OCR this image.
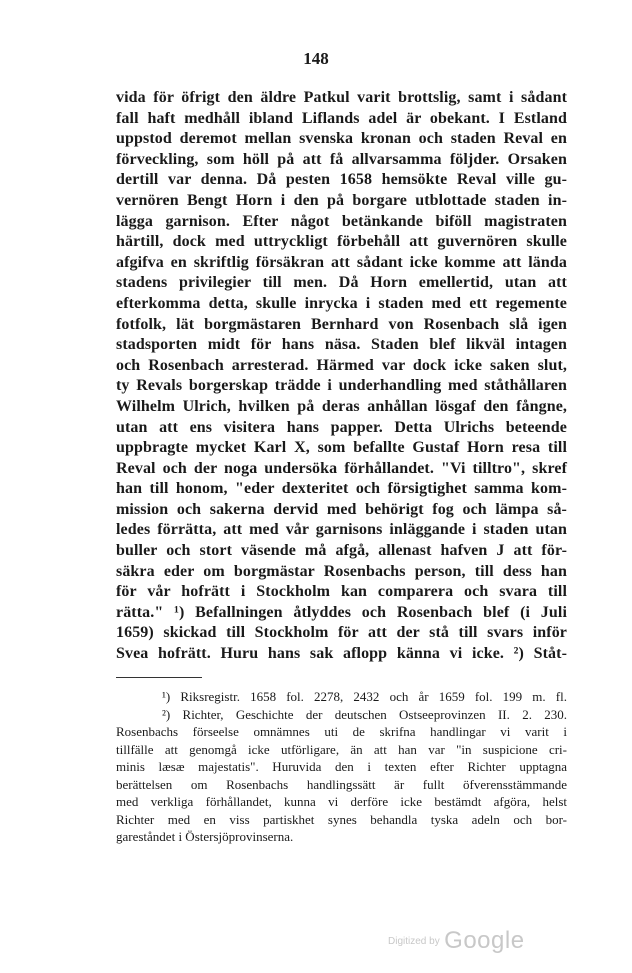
148
vida för öfrigt den äldre Patkul varit brottslig, samt i sådant
fall haft medhåll ibland Liflands adel är obekant. I Estland
uppstod deremot mellan svenska kronan och staden Reval en
förveckling, som höll på att få allvarsamma följder. Orsaken
dertill var denna. Då pesten 1658 hemsökte Reval ville gu-
vernören Bengt Horn i den på borgare utblottade staden in-
lägga garnison. Efter något betänkande biföll magistraten
härtill, dock med uttryckligt förbehåll att guvernören skulle
afgifva en skriftlig försäkran att sådant icke komme att lända
stadens privilegier till men. Då Horn emellertid, utan att
efterkomma detta, skulle inrycka i staden med ett regemente
fotfolk, lät borgmästaren Bernhard von Rosenbach slå igen
stadsporten midt för hans näsa. Staden blef likväl intagen
och Rosenbach arresterad. Härmed var dock icke saken slut,
ty Revals borgerskap trädde i underhandling med ståthållaren
Wilhelm Ulrich, hvilken på deras anhållan lösgaf den fångne,
utan att ens visitera hans papper. Detta Ulrichs beteende
uppbragte mycket Karl X, som befallte Gustaf Horn resa till
Reval och der noga undersöka förhållandet. "Vi tilltro", skref
han till honom, "eder dexteritet och försigtighet samma kom-
mission och sakerna dervid med behörigt fog och lämpa så-
ledes förrätta, att med vår garnisons inläggande i staden utan
buller och stort väsende må afgå, allenast hafven J att för-
säkra eder om borgmästar Rosenbachs person, till dess han
för vår hofrätt i Stockholm kan comparera och svara till
rätta." ¹) Befallningen åtlyddes och Rosenbach blef (i Juli
1659) skickad till Stockholm för att der stå till svars inför
Svea hofrätt. Huru hans sak aflopp känna vi icke. ²) Ståt-
¹) Riksregistr. 1658 fol. 2278, 2432 och år 1659 fol. 199 m. fl.
²) Richter, Geschichte der deutschen Ostseeprovinzen II. 2. 230.
Rosenbachs förseelse omnämnes uti de skrifna handlingar vi varit i
tillfälle att genomgå icke utförligare, än att han var "in suspicione cri-
minis læsæ majestatis". Huruvida den i texten efter Richter upptagna
berättelsen om Rosenbachs handlingssätt är fullt öfverensstämmande
med verkliga förhållandet, kunna vi derföre icke bestämdt afgöra, helst
Richter med en viss partiskhet synes behandla tyska adeln och bor-
gareståndet i Östersjöprovinserna.
$^{Digitized by}$ Google
